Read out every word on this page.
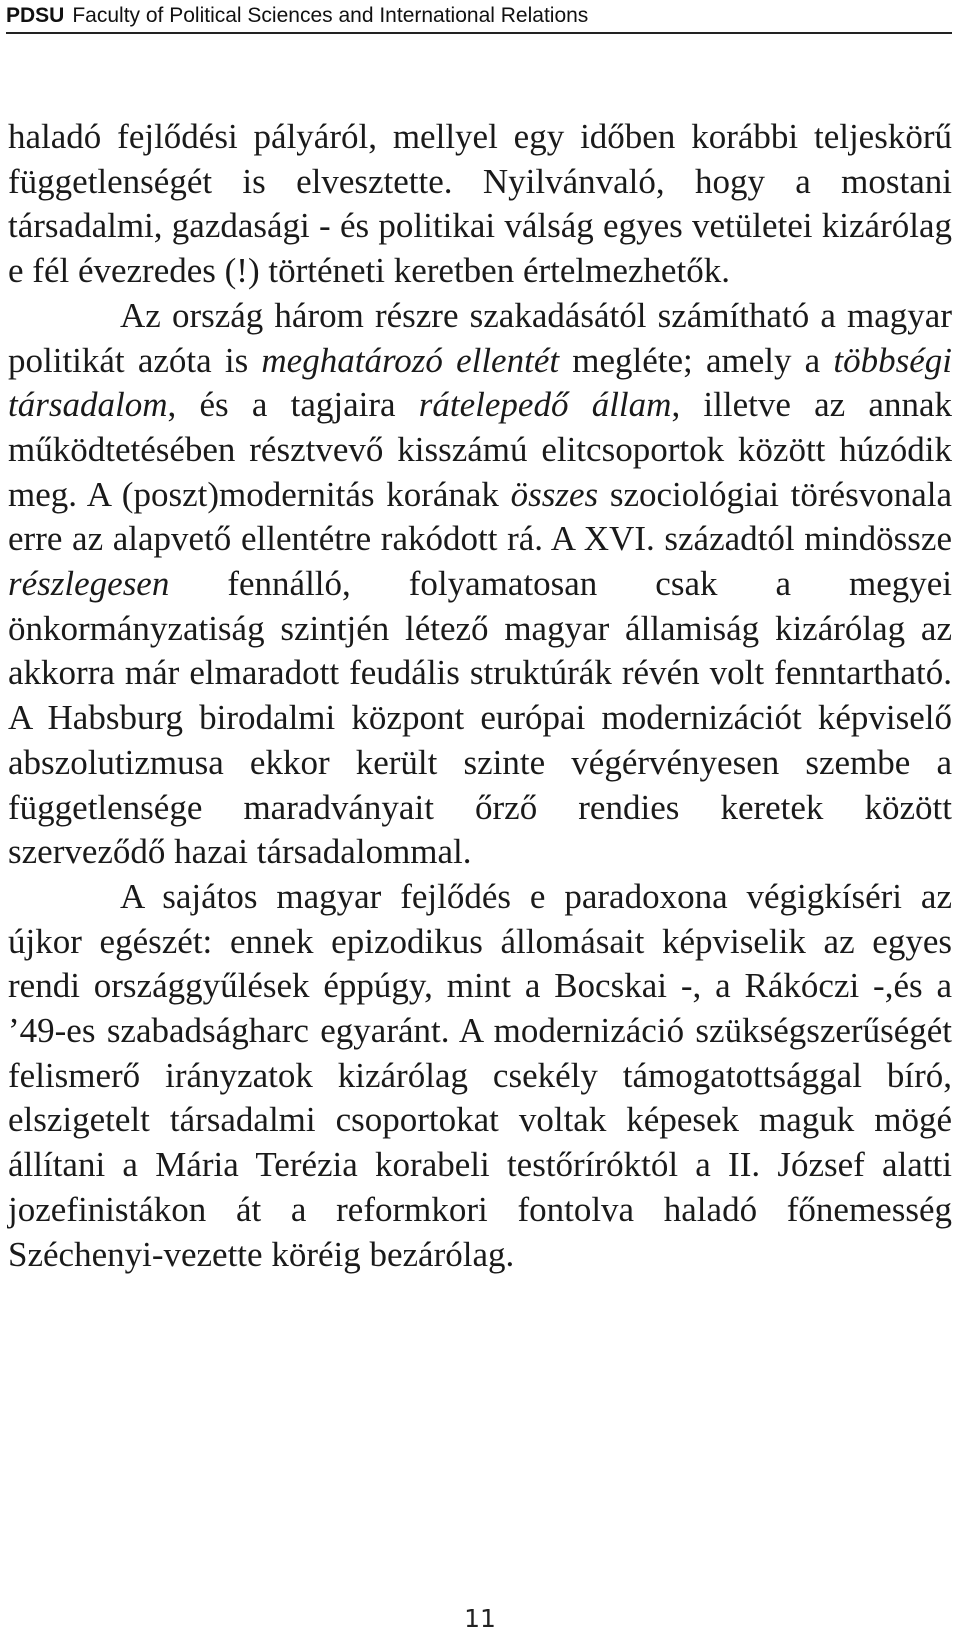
PDSU Faculty of Political Sciences and International Relations

haladó fejlődési pályáról, mellyel egy időben korábbi teljeskörű függetlenségét is elvesztette. Nyilvánvaló, hogy a mostani társadalmi, gazdasági - és politikai válság egyes vetületei kizárólag e fél évezredes (!) történeti keretben értelmezhetők.

Az ország három részre szakadásától számítható a magyar politikát azóta is meghatározó ellentét megléte; amely a többségi társadalom, és a tagjaira rátelepedő állam, illetve az annak működtetésében résztvevő kisszámú elitcsoportok között húzódik meg. A (poszt)modernitás korának összes szociológiai törésvonala erre az alapvető ellentétre rakódott rá. A XVI. századtól mindössze részlegesen fennálló, folyamatosan csak a megyei önkormányzatiság szintjén létező magyar államiság kizárólag az akkorra már elmaradott feudális struktúrák révén volt fenntartható. A Habsburg birodalmi központ európai modernizációt képviselő abszolutizmusa ekkor került szinte végérvényesen szembe a függetlensége maradványait őrző rendies keretek között szerveződő hazai társadalommal.

A sajátos magyar fejlődés e paradoxona végigkíséri az újkor egészét: ennek epizodikus állomásait képviselik az egyes rendi országgyűlések éppúgy, mint a Bocskai -, a Rákóczi -,és a ’49-es szabadságharc egyaránt. A modernizáció szükségszerűségét felismerő irányzatok kizárólag csekély támogatottsággal bíró, elszigetelt társadalmi csoportokat voltak képesek maguk mögé állítani a Mária Terézia korabeli testőríróktól a II. József alatti jozefinistákon át a reformkori fontolva haladó főnemesség Széchenyi-vezette köréig bezárólag.

11
